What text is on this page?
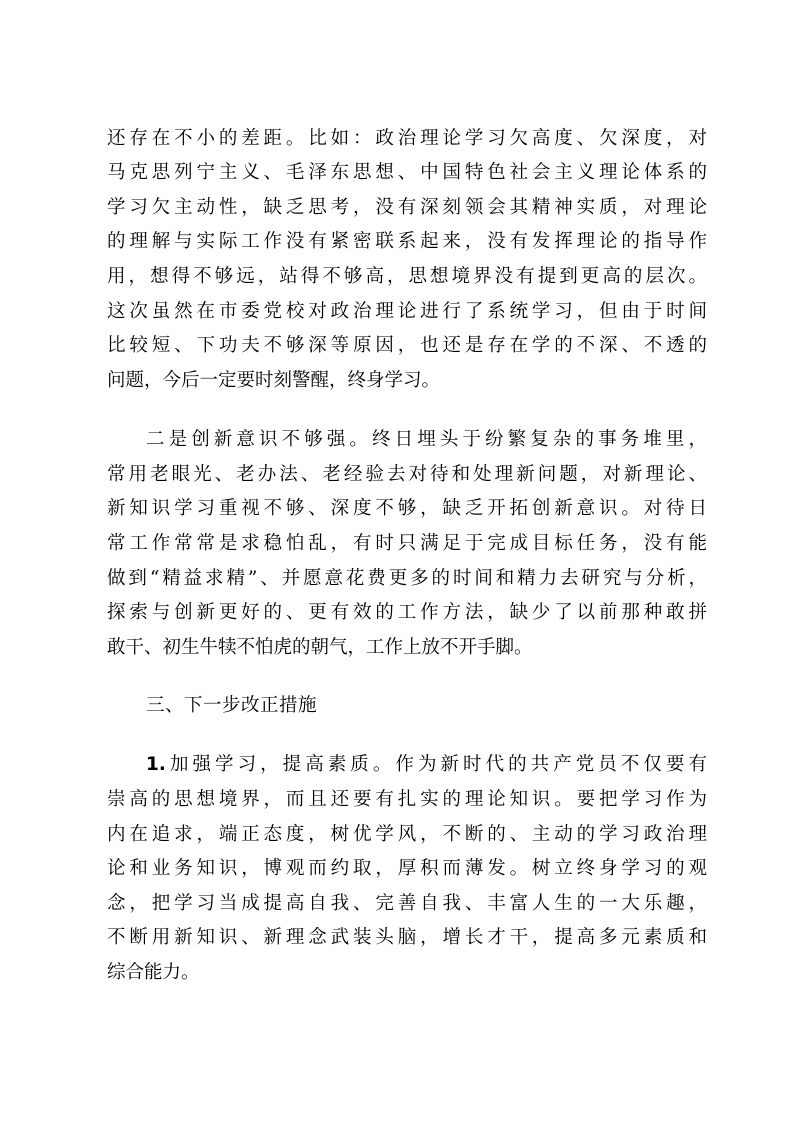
还存在不小的差距。比如：政治理论学习欠高度、欠深度，对
马克思列宁主义、毛泽东思想、中国特色社会主义理论体系的
学习欠主动性，缺乏思考，没有深刻领会其精神实质，对理论
的理解与实际工作没有紧密联系起来，没有发挥理论的指导作
用，想得不够远，站得不够高，思想境界没有提到更高的层次。
这次虽然在市委党校对政治理论进行了系统学习，但由于时间
比较短、下功夫不够深等原因，也还是存在学的不深、不透的
问题，今后一定要时刻警醒，终身学习。
二是创新意识不够强。终日埋头于纷繁复杂的事务堆里，
常用老眼光、老办法、老经验去对待和处理新问题，对新理论、
新知识学习重视不够、深度不够，缺乏开拓创新意识。对待日
常工作常常是求稳怕乱，有时只满足于完成目标任务，没有能
做到“精益求精”、并愿意花费更多的时间和精力去研究与分析，
探索与创新更好的、更有效的工作方法，缺少了以前那种敢拼
敢干、初生牛犊不怕虎的朝气，工作上放不开手脚。
三、下一步改正措施
1.加强学习，提高素质。作为新时代的共产党员不仅要有
崇高的思想境界，而且还要有扎实的理论知识。要把学习作为
内在追求，端正态度，树优学风，不断的、主动的学习政治理
论和业务知识，博观而约取，厚积而薄发。树立终身学习的观
念，把学习当成提高自我、完善自我、丰富人生的一大乐趣，
不断用新知识、新理念武装头脑，增长才干，提高多元素质和
综合能力。
